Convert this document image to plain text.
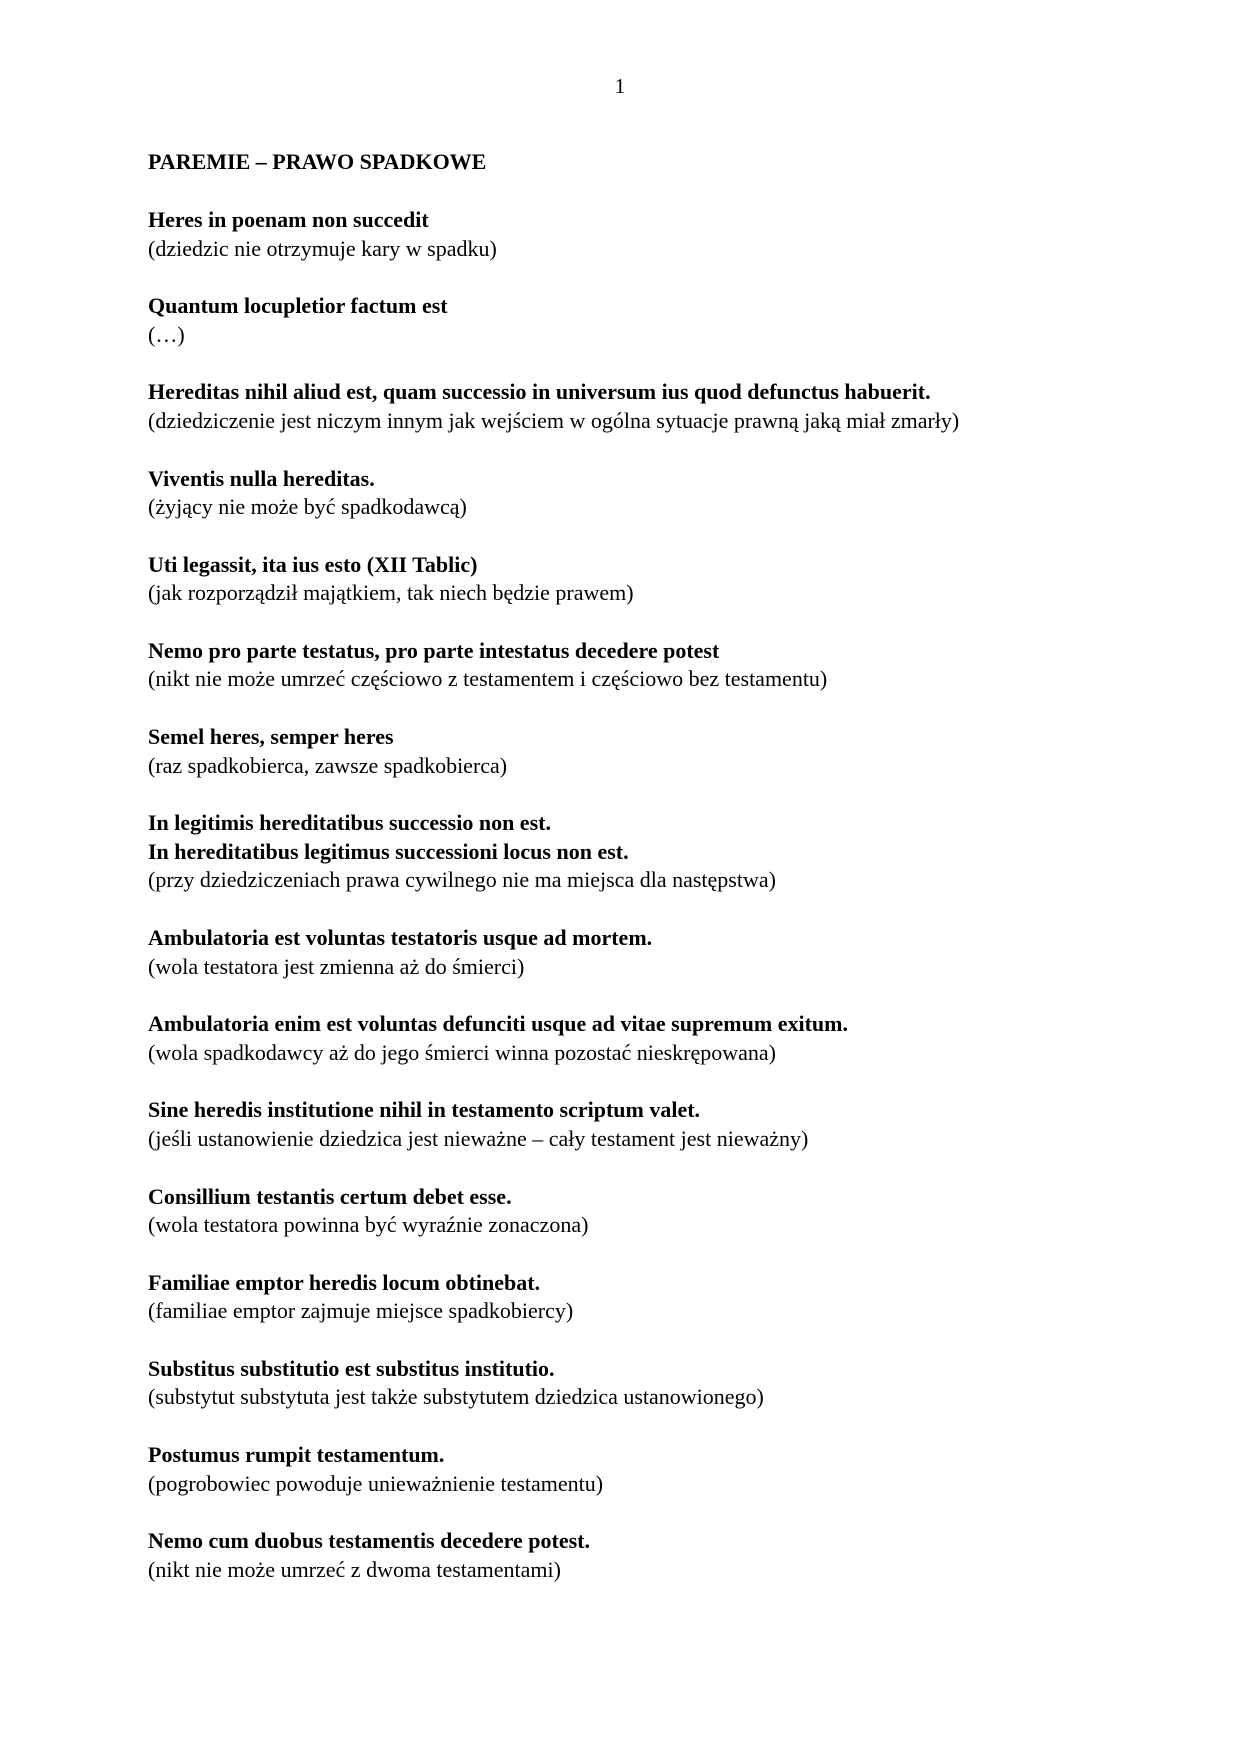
1
PAREMIE – PRAWO SPADKOWE
Heres in poenam non succedit
(dziedzic nie otrzymuje kary w spadku)
Quantum locupletior factum est
(…)
Hereditas nihil aliud est, quam successio in universum ius quod defunctus habuerit.
(dziedziczenie jest niczym innym jak wejściem w ogólna sytuacje prawną jaką miał zmarły)
Viventis nulla hereditas.
(żyjący nie może być spadkodawcą)
Uti legassit, ita ius esto (XII Tablic)
(jak rozporządził majątkiem, tak niech będzie prawem)
Nemo pro parte testatus, pro parte intestatus decedere potest
(nikt nie może umrzeć częściowo z testamentem i częściowo bez testamentu)
Semel heres, semper heres
(raz spadkobierca, zawsze spadkobierca)
In legitimis hereditatibus successio non est.
In hereditatibus legitimus successioni locus non est.
(przy dziedziczeniach prawa cywilnego nie ma miejsca dla następstwa)
Ambulatoria est voluntas testatoris usque ad mortem.
(wola testatora jest zmienna aż do śmierci)
Ambulatoria enim est voluntas defunciti usque ad vitae supremum exitum.
(wola spadkodawcy aż do jego śmierci winna pozostać nieskrępowana)
Sine heredis institutione nihil in testamento scriptum valet.
(jeśli ustanowienie dziedzica jest nieważne – cały testament jest nieważny)
Consillium testantis certum debet esse.
(wola testatora powinna być wyraźnie zonaczona)
Familiae emptor heredis locum obtinebat.
(familiae emptor zajmuje miejsce spadkobiercy)
Substitus substitutio est substitus institutio.
(substytut substytuta jest także substytutem dziedzica ustanowionego)
Postumus rumpit testamentum.
(pogrobowiec powoduje unieważnienie testamentu)
Nemo cum duobus testamentis decedere potest.
(nikt nie może umrzeć z dwoma testamentami)
